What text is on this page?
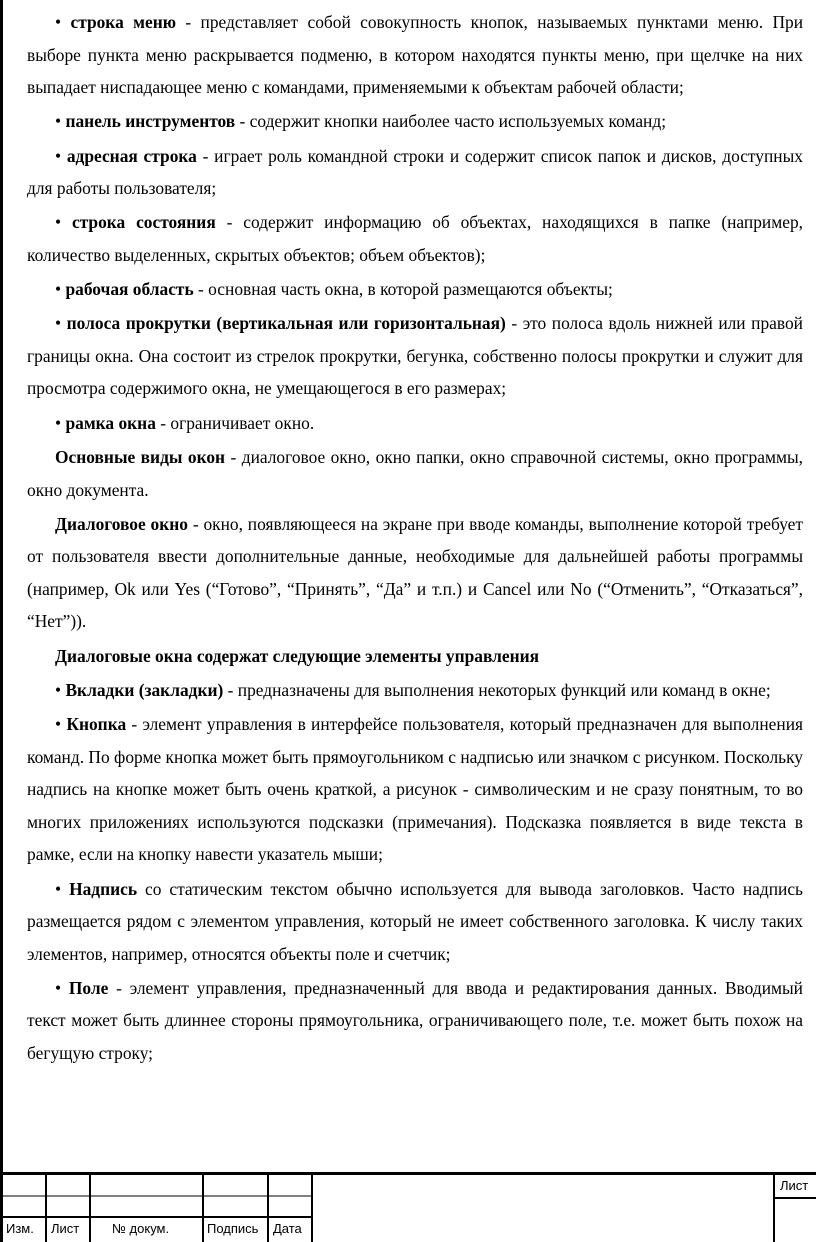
• строка меню - представляет собой совокупность кнопок, называемых пунктами меню. При выборе пункта меню раскрывается подменю, в котором находятся пункты меню, при щелчке на них выпадает ниспадающее меню с командами, применяемыми к объектам рабочей области;

• панель инструментов - содержит кнопки наиболее часто используемых команд;

• адресная строка - играет роль командной строки и содержит список папок и дисков, доступных для работы пользователя;

• строка состояния - содержит информацию об объектах, находящихся в папке (например, количество выделенных, скрытых объектов; объем объектов);

• рабочая область - основная часть окна, в которой размещаются объекты;

• полоса прокрутки (вертикальная или горизонтальная) - это полоса вдоль нижней или правой границы окна. Она состоит из стрелок прокрутки, бегунка, собственно полосы прокрутки и служит для просмотра содержимого окна, не умещающегося в его размерах;

• рамка окна - ограничивает окно.

Основные виды окон - диалоговое окно, окно папки, окно справочной системы, окно программы, окно документа.

Диалоговое окно - окно, появляющееся на экране при вводе команды, выполнение которой требует от пользователя ввести дополнительные данные, необходимые для дальнейшей работы программы (например, Ok или Yes (“Готово”, “Принять”, “Да” и т.п.) и Cancel или No (“Отменить”, “Отказаться”, “Нет”)).

Диалоговые окна содержат следующие элементы управления

• Вкладки (закладки) - предназначены для выполнения некоторых функций или команд в окне;

• Кнопка - элемент управления в интерфейсе пользователя, который предназначен для выполнения команд. По форме кнопка может быть прямоугольником с надписью или значком с рисунком. Поскольку надпись на кнопке может быть очень краткой, а рисунок - символическим и не сразу понятным, то во многих приложениях используются подсказки (примечания). Подсказка появляется в виде текста в рамке, если на кнопку навести указатель мыши;

• Надпись со статическим текстом обычно используется для вывода заголовков. Часто надпись размещается рядом с элементом управления, который не имеет собственного заголовка. К числу таких элементов, например, относятся объекты поле и счетчик;

• Поле - элемент управления, предназначенный для ввода и редактирования данных. Вводимый текст может быть длиннее стороны прямоугольника, ограничивающего поле, т.е. может быть похож на бегущую строку;

Изм. Лист	№ докум.	Подпись Дата
Лист
